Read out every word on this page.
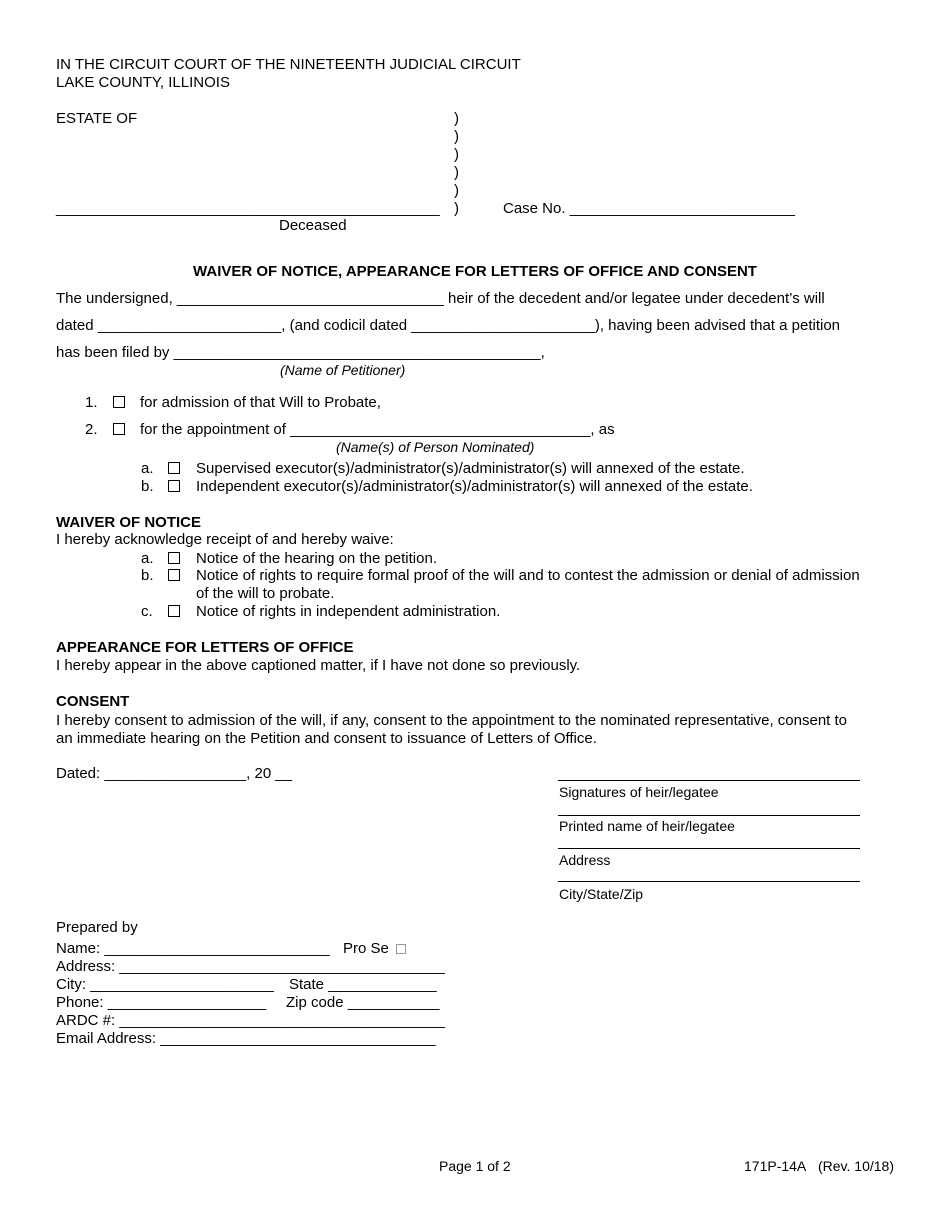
IN THE CIRCUIT COURT OF THE NINETEENTH JUDICIAL CIRCUIT
LAKE COUNTY, ILLINOIS
ESTATE OF	)
)
)
)
)
)
______________________________________________
Deceased
Case No. ___________________________
WAIVER OF NOTICE, APPEARANCE FOR LETTERS OF OFFICE AND CONSENT
The undersigned, ________________________________ heir of the decedent and/or legatee under decedent’s will
dated ______________________, (and codicil dated ______________________), having been advised that a petition
has been filed by ____________________________________________,
(Name of Petitioner)
1.	for admission of that Will to Probate,
2.	for the appointment of ____________________________________, as
(Name(s) of Person Nominated)
a.	Supervised executor(s)/administrator(s)/administrator(s) will annexed of the estate.
b.	Independent executor(s)/administrator(s)/administrator(s) will annexed of the estate.
WAIVER OF NOTICE
I hereby acknowledge receipt of and hereby waive:
a.	Notice of the hearing on the petition.
b.	Notice of rights to require formal proof of the will and to contest the admission or denial of admission
of the will to probate.
c.	Notice of rights in independent administration.
APPEARANCE FOR LETTERS OF OFFICE
I hereby appear in the above captioned matter, if I have not done so previously.
CONSENT
I hereby consent to admission of the will, if any, consent to the appointment to the nominated representative, consent to
an immediate hearing on the Petition and consent to issuance of Letters of Office.
Dated: _________________, 20 __
Signatures of heir/legatee
Printed name of heir/legatee
Address
City/State/Zip
Prepared by
Name: ___________________________ Pro Se
Address: _______________________________________
City: ______________________ State _____________
Phone: ___________________ Zip code ___________
ARDC #: _______________________________________
Email Address: _________________________________
Page 1 of 2	171P-14A (Rev. 10/18)
